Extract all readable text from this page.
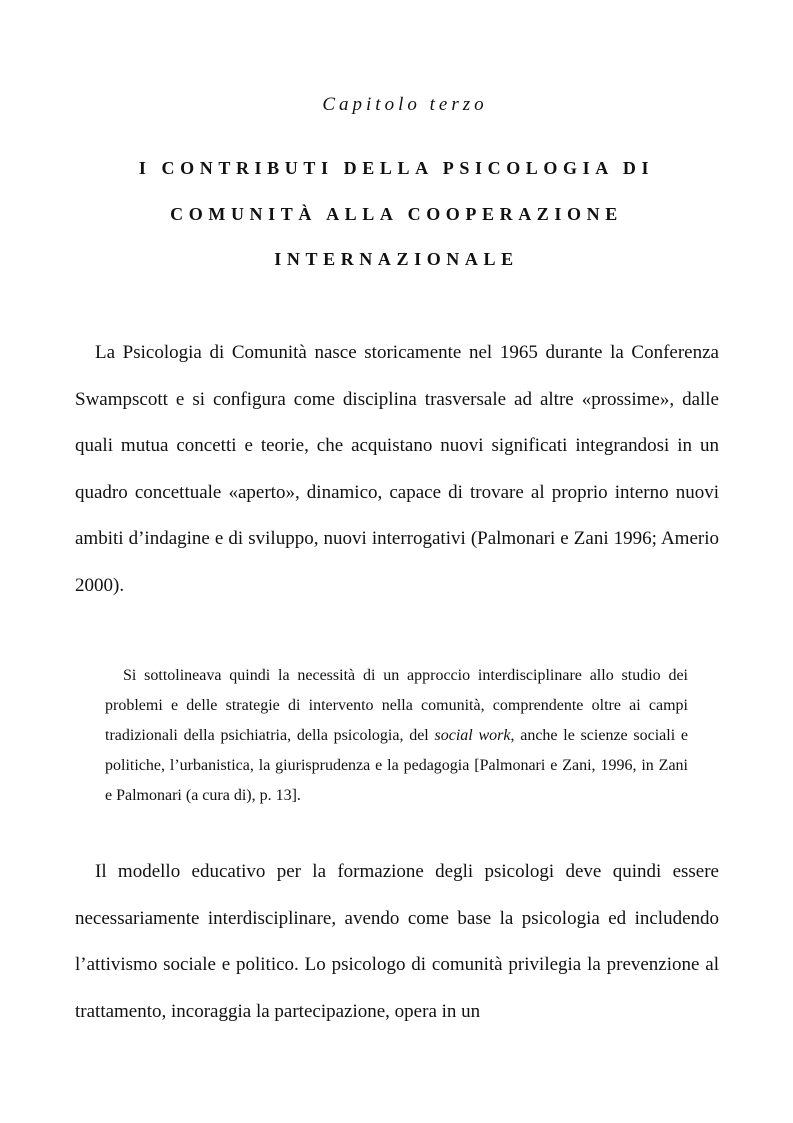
Capitolo terzo
I CONTRIBUTI DELLA PSICOLOGIA DI
COMUNITÀ ALLA COOPERAZIONE
INTERNAZIONALE

La Psicologia di Comunità nasce storicamente nel 1965 durante la Conferenza Swampscott e si configura come disciplina trasversale ad altre «prossime», dalle quali mutua concetti e teorie, che acquistano nuovi significati integrandosi in un quadro concettuale «aperto», dinamico, capace di trovare al proprio interno nuovi ambiti d’indagine e di sviluppo, nuovi interrogativi (Palmonari e Zani 1996; Amerio 2000).

Si sottolineava quindi la necessità di un approccio interdisciplinare allo studio dei problemi e delle strategie di intervento nella comunità, comprendente oltre ai campi tradizionali della psichiatria, della psicologia, del social work, anche le scienze sociali e politiche, l’urbanistica, la giurisprudenza e la pedagogia [Palmonari e Zani, 1996, in Zani e Palmonari (a cura di), p. 13].

Il modello educativo per la formazione degli psicologi deve quindi essere necessariamente interdisciplinare, avendo come base la psicologia ed includendo l’attivismo sociale e politico. Lo psicologo di comunità privilegia la prevenzione al trattamento, incoraggia la partecipazione, opera in un
